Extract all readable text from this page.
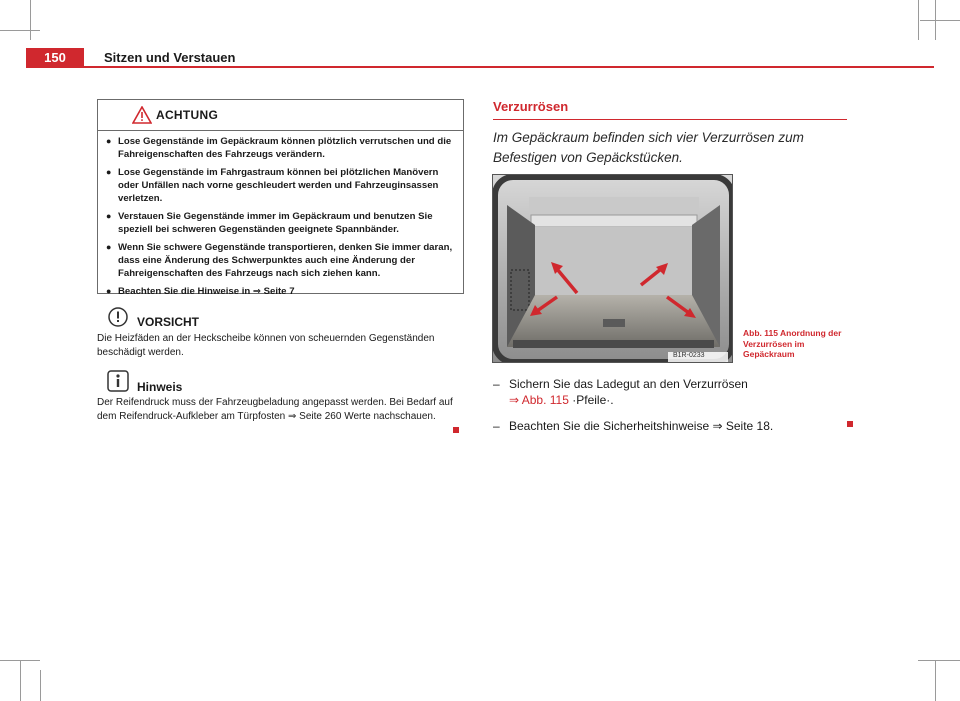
150	Sitzen und Verstauen
ACHTUNG
● Lose Gegenstände im Gepäckraum können plötzlich verrutschen und die Fahreigenschaften des Fahrzeugs verändern.
● Lose Gegenstände im Fahrgastraum können bei plötzlichen Manövern oder Unfällen nach vorne geschleudert werden und Fahrzeuginsassen verletzen.
● Verstauen Sie Gegenstände immer im Gepäckraum und benutzen Sie speziell bei schweren Gegenständen geeignete Spannbänder.
● Wenn Sie schwere Gegenstände transportieren, denken Sie immer daran, dass eine Änderung des Schwerpunktes auch eine Änderung der Fahreigenschaften des Fahrzeugs nach sich ziehen kann.
● Beachten Sie die Hinweise in ⇒ Seite 7
VORSICHT
Die Heizfäden an der Heckscheibe können von scheuernden Gegenständen beschädigt werden.
Hinweis
Der Reifendruck muss der Fahrzeugbeladung angepasst werden. Bei Bedarf auf dem Reifendruck-Aufkleber am Türpfosten ⇒ Seite 260 Werte nachschauen.
Verzurrösen
Im Gepäckraum befinden sich vier Verzurrösen zum Befestigen von Gepäckstücken.
B1R-0233
Abb. 115 Anordnung der Verzurrösen im Gepäckraum
– Sichern Sie das Ladegut an den Verzurrösen
⇒ Abb. 115 ·Pfeile·.
– Beachten Sie die Sicherheitshinweise ⇒ Seite 18.
